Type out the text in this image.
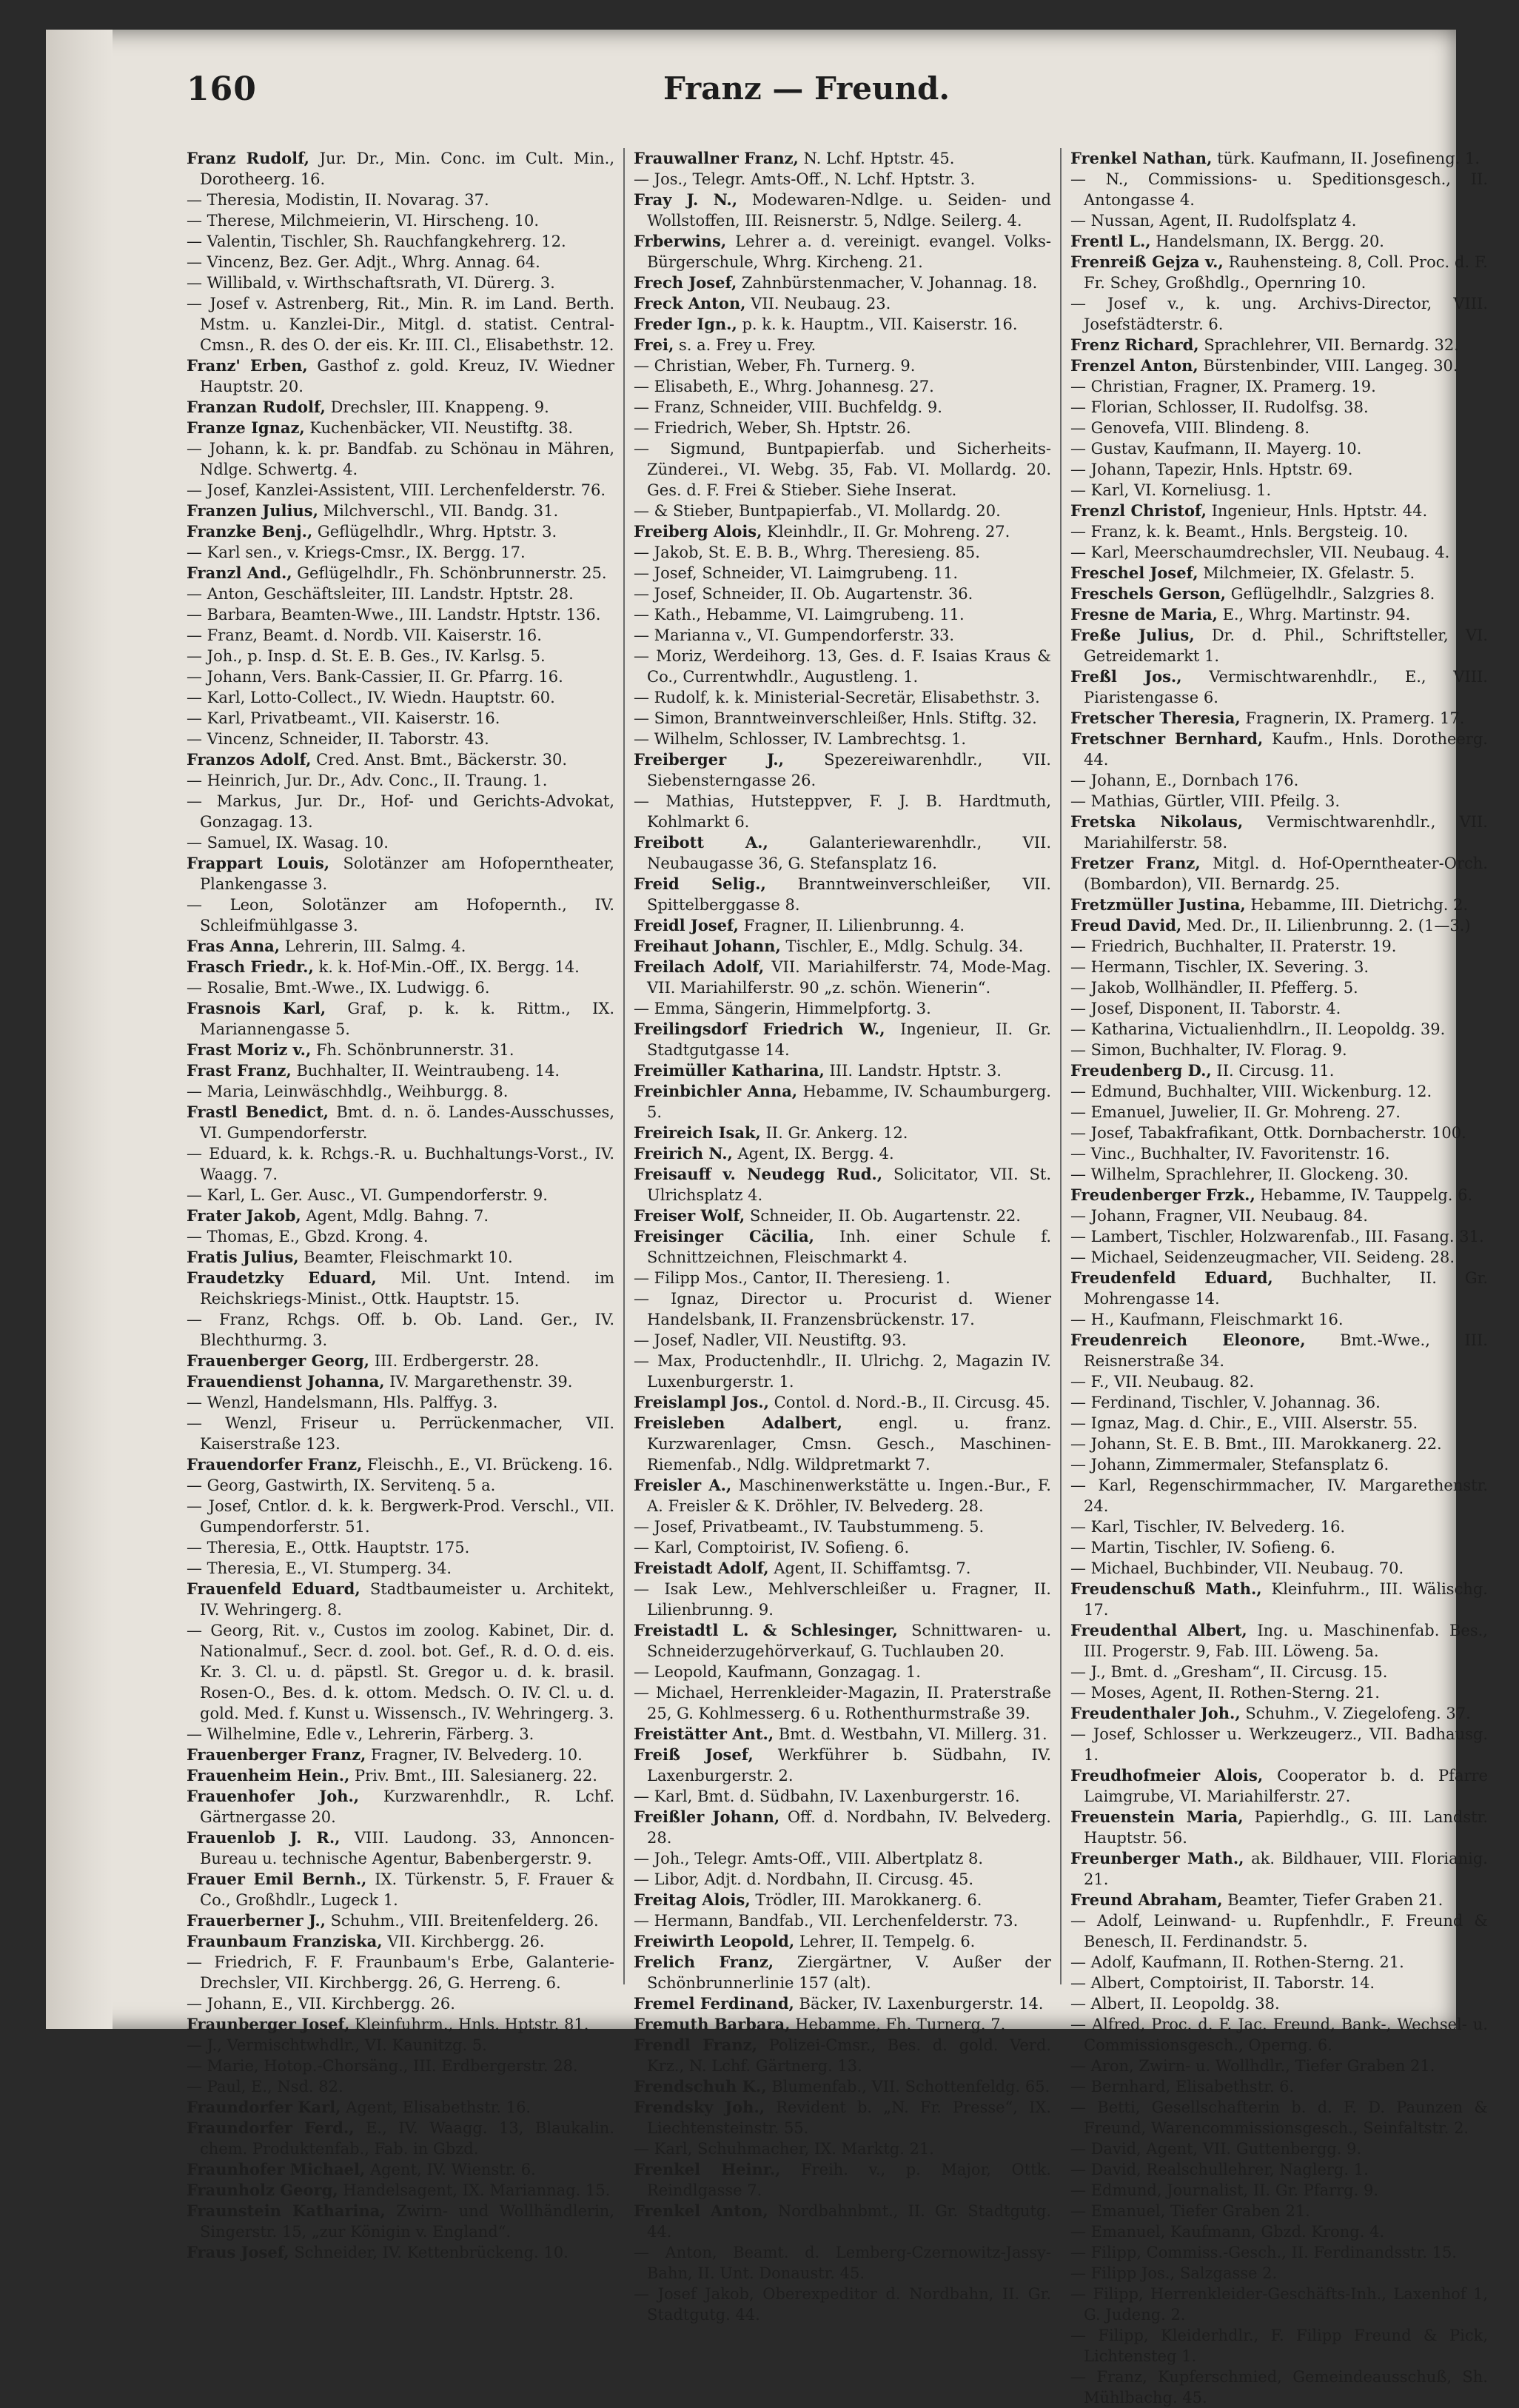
160	Franz — Freund.

Franz Rudolf, Jur. Dr., Min. Conc. im Cult. Min., Dorotheerg. 16.

— Theresia, Modistin, II. Novarag. 37.

— Therese, Milchmeierin, VI. Hirscheng. 10.

— Valentin, Tischler, Sh. Rauchfangkehrerg. 12.

— Vincenz, Bez. Ger. Adjt., Whrg. Annag. 64.

— Willibald, v. Wirthschaftsrath, VI. Dürerg. 3.

— Josef v. Astrenberg, Rit., Min. R. im Land. Berth. Mstm. u. Kanzlei-Dir., Mitgl. d. statist. Central-Cmsn., R. des O. der eis. Kr. III. Cl., Elisabethstr. 12.

Franz' Erben, Gasthof z. gold. Kreuz, IV. Wiedner Hauptstr. 20.

Franzan Rudolf, Drechsler, III. Knappeng. 9.

Franze Ignaz, Kuchenbäcker, VII. Neustiftg. 38.

— Johann, k. k. pr. Bandfab. zu Schönau in Mähren, Ndlge. Schwertg. 4.

— Josef, Kanzlei-Assistent, VIII. Lerchenfelderstr. 76.

Franzen Julius, Milchverschl., VII. Bandg. 31.

Franzke Benj., Geflügelhdlr., Whrg. Hptstr. 3.

— Karl sen., v. Kriegs-Cmsr., IX. Bergg. 17.

Franzl And., Geflügelhdlr., Fh. Schönbrunnerstr. 25.

— Anton, Geschäftsleiter, III. Landstr. Hptstr. 28.

— Barbara, Beamten-Wwe., III. Landstr. Hptstr. 136.

— Franz, Beamt. d. Nordb. VII. Kaiserstr. 16.

— Joh., p. Insp. d. St. E. B. Ges., IV. Karlsg. 5.

— Johann, Vers. Bank-Cassier, II. Gr. Pfarrg. 16.

— Karl, Lotto-Collect., IV. Wiedn. Hauptstr. 60.

— Karl, Privatbeamt., VII. Kaiserstr. 16.

— Vincenz, Schneider, II. Taborstr. 43.

Franzos Adolf, Cred. Anst. Bmt., Bäckerstr. 30.

— Heinrich, Jur. Dr., Adv. Conc., II. Traung. 1.

— Markus, Jur. Dr., Hof- und Gerichts-Advokat, Gonzagag. 13.

— Samuel, IX. Wasag. 10.

Frappart Louis, Solotänzer am Hofoperntheater, Plankengasse 3.

— Leon, Solotänzer am Hofopernth., IV. Schleifmühlgasse 3.

Fras Anna, Lehrerin, III. Salmg. 4.

Frasch Friedr., k. k. Hof-Min.-Off., IX. Bergg. 14.

— Rosalie, Bmt.-Wwe., IX. Ludwigg. 6.

Frasnois Karl, Graf, p. k. k. Rittm., IX. Mariannengasse 5.

Frast Moriz v., Fh. Schönbrunnerstr. 31.

Frast Franz, Buchhalter, II. Weintraubeng. 14.

— Maria, Leinwäschhdlg., Weihburgg. 8.

Frastl Benedict, Bmt. d. n. ö. Landes-Ausschusses, VI. Gumpendorferstr.

— Eduard, k. k. Rchgs.-R. u. Buchhaltungs-Vorst., IV. Waagg. 7.

— Karl, L. Ger. Ausc., VI. Gumpendorferstr. 9.

Frater Jakob, Agent, Mdlg. Bahng. 7.

— Thomas, E., Gbzd. Krong. 4.

Fratis Julius, Beamter, Fleischmarkt 10.

Fraudetzky Eduard, Mil. Unt. Intend. im Reichskriegs-Minist., Ottk. Hauptstr. 15.

— Franz, Rchgs. Off. b. Ob. Land. Ger., IV. Blechthurmg. 3.

Frauenberger Georg, III. Erdbergerstr. 28.

Frauendienst Johanna, IV. Margarethenstr. 39.

— Wenzl, Handelsmann, Hls. Palffyg. 3.

— Wenzl, Friseur u. Perrückenmacher, VII. Kaiserstraße 123.

Frauendorfer Franz, Fleischh., E., VI. Brückeng. 16.

— Georg, Gastwirth, IX. Servitenq. 5 a.

— Josef, Cntlor. d. k. k. Bergwerk-Prod. Verschl., VII. Gumpendorferstr. 51.

— Theresia, E., Ottk. Hauptstr. 175.

— Theresia, E., VI. Stumperg. 34.

Frauenfeld Eduard, Stadtbaumeister u. Architekt, IV. Wehringerg. 8.

— Georg, Rit. v., Custos im zoolog. Kabinet, Dir. d. Nationalmuf., Secr. d. zool. bot. Gef., R. d. O. d. eis. Kr. 3. Cl. u. d. päpstl. St. Gregor u. d. k. brasil. Rosen-O., Bes. d. k. ottom. Medsch. O. IV. Cl. u. d. gold. Med. f. Kunst u. Wissensch., IV. Wehringerg. 3.

— Wilhelmine, Edle v., Lehrerin, Färberg. 3.

Frauenberger Franz, Fragner, IV. Belvederg. 10.

Frauenheim Hein., Priv. Bmt., III. Salesianerg. 22.

Frauenhofer Joh., Kurzwarenhdlr., R. Lchf. Gärtnergasse 20.

Frauenlob J. R., VIII. Laudong. 33, Annoncen-Bureau u. technische Agentur, Babenbergerstr. 9.

Frauer Emil Bernh., IX. Türkenstr. 5, F. Frauer & Co., Großhdlr., Lugeck 1.

Frauerberner J., Schuhm., VIII. Breitenfelderg. 26.

Fraunbaum Franziska, VII. Kirchbergg. 26.

— Friedrich, F. F. Fraunbaum's Erbe, Galanterie-Drechsler, VII. Kirchbergg. 26, G. Herreng. 6.

— Johann, E., VII. Kirchbergg. 26.

Fraunberger Josef, Kleinfuhrm., Hnls. Hptstr. 81.

— J., Vermischtwhdlr., VI. Kaunitzg. 5.

— Marie, Hotop.-Chorsäng., III. Erdbergerstr. 28.

— Paul, E., Nsd. 82.

Fraundorfer Karl, Agent, Elisabethstr. 16.

Fraundorfer Ferd., E., IV. Waagg. 13, Blaukalin. chem. Produktenfab., Fab. in Gbzd.

Fraunhofer Michael, Agent, IV. Wienstr. 6.

Fraunholz Georg, Handelsagent, IX. Mariannag. 15.

Fraunstein Katharina, Zwirn- und Wollhändlerin, Singerstr. 15, „zur Königin v. England“.

Fraus Josef, Schneider, IV. Kettenbrückeng. 10.

Frauwallner Franz, N. Lchf. Hptstr. 45.

— Jos., Telegr. Amts-Off., N. Lchf. Hptstr. 3.

Fray J. N., Modewaren-Ndlge. u. Seiden- und Wollstoffen, III. Reisnerstr. 5, Ndlge. Seilerg. 4.

Frberwins, Lehrer a. d. vereinigt. evangel. Volks-Bürgerschule, Whrg. Kircheng. 21.

Frech Josef, Zahnbürstenmacher, V. Johannag. 18.

Freck Anton, VII. Neubaug. 23.

Freder Ign., p. k. k. Hauptm., VII. Kaiserstr. 16.

Frei, s. a. Frey u. Frey.

— Christian, Weber, Fh. Turnerg. 9.

— Elisabeth, E., Whrg. Johannesg. 27.

— Franz, Schneider, VIII. Buchfeldg. 9.

— Friedrich, Weber, Sh. Hptstr. 26.

— Sigmund, Buntpapierfab. und Sicherheits-Zünderei., VI. Webg. 35, Fab. VI. Mollardg. 20. Ges. d. F. Frei & Stieber. Siehe Inserat.

— & Stieber, Buntpapierfab., VI. Mollardg. 20.

Freiberg Alois, Kleinhdlr., II. Gr. Mohreng. 27.

— Jakob, St. E. B. B., Whrg. Theresieng. 85.

— Josef, Schneider, VI. Laimgrubeng. 11.

— Josef, Schneider, II. Ob. Augartenstr. 36.

— Kath., Hebamme, VI. Laimgrubeng. 11.

— Marianna v., VI. Gumpendorferstr. 33.

— Moriz, Werdeihorg. 13, Ges. d. F. Isaias Kraus & Co., Currentwhdlr., Augustleng. 1.

— Rudolf, k. k. Ministerial-Secretär, Elisabethstr. 3.

— Simon, Branntweinverschleißer, Hnls. Stiftg. 32.

— Wilhelm, Schlosser, IV. Lambrechtsg. 1.

Freiberger J.,	Spezereiwarenhdlr., VII. Siebensterngasse 26.

— Mathias, Hutsteppver, F. J. B. Hardtmuth, Kohlmarkt 6.

Freibott A.,	Galanteriewarenhdlr., VII. Neubaugasse 36, G. Stefansplatz 16.

Freid Selig., Branntweinverschleißer, VII. Spittelberggasse 8.

Freidl Josef, Fragner, II. Lilienbrunng. 4.

Freihaut Johann, Tischler, E., Mdlg. Schulg. 34.

Freilach Adolf, VII. Mariahilferstr. 74, Mode-Mag. VII. Mariahilferstr. 90 „z. schön. Wienerin“.

— Emma, Sängerin, Himmelpfortg. 3.

Freilingsdorf Friedrich W., Ingenieur, II. Gr. Stadtgutgasse 14.

Freimüller Katharina, III. Landstr. Hptstr. 3.

Freinbichler Anna, Hebamme, IV. Schaumburgerg. 5.

Freireich Isak, II. Gr. Ankerg. 12.

Freirich N., Agent, IX. Bergg. 4.

Freisauff v. Neudegg Rud., Solicitator, VII. St. Ulrichsplatz 4.

Freiser Wolf, Schneider, II. Ob. Augartenstr. 22.

Freisinger Cäcilia, Inh. einer Schule f. Schnittzeichnen, Fleischmarkt 4.

— Filipp Mos., Cantor, II. Theresieng. 1.

— Ignaz, Director u. Procurist d. Wiener Handelsbank, II. Franzensbrückenstr. 17.

— Josef, Nadler, VII. Neustiftg. 93.

— Max, Productenhdlr., II. Ulrichg. 2, Magazin IV. Luxenburgerstr. 1.

Freislampl Jos., Contol. d. Nord.-B., II. Circusg. 45.

Freisleben Adalbert, engl. u. franz. Kurzwarenlager, Cmsn. Gesch., Maschinen-Riemenfab., Ndlg. Wildpretmarkt 7.

Freisler A., Maschinenwerkstätte u. Ingen.-Bur., F. A. Freisler & K. Dröhler, IV. Belvederg. 28.

— Josef, Privatbeamt., IV. Taubstummeng. 5.

— Karl, Comptoirist, IV. Sofieng. 6.

Freistadt Adolf, Agent, II. Schiffamtsg. 7.

— Isak Lew., Mehlverschleißer u. Fragner, II. Lilienbrunng. 9.

Freistadtl L. & Schlesinger, Schnittwaren- u. Schneiderzugehörverkauf, G. Tuchlauben 20.

— Leopold, Kaufmann, Gonzagag. 1.

— Michael, Herrenkleider-Magazin, II. Praterstraße 25, G. Kohlmesserg. 6 u. Rothenthurmstraße 39.

Freistätter Ant., Bmt. d. Westbahn, VI. Millerg. 31.

Freiß Josef, Werkführer b. Südbahn, IV. Laxenburgerstr. 2.

— Karl, Bmt. d. Südbahn, IV. Laxenburgerstr. 16.

Freißler Johann, Off. d. Nordbahn, IV. Belvederg. 28.

— Joh., Telegr. Amts-Off., VIII. Albertplatz 8.

— Libor, Adjt. d. Nordbahn, II. Circusg. 45.

Freitag Alois, Trödler, III. Marokkanerg. 6.

— Hermann, Bandfab., VII. Lerchenfelderstr. 73.

Freiwirth Leopold, Lehrer, II. Tempelg. 6.

Frelich Franz, Ziergärtner, V. Außer der Schönbrunnerlinie 157 (alt).

Fremel Ferdinand, Bäcker, IV. Laxenburgerstr. 14.

Fremuth Barbara, Hebamme, Fh. Turnerg. 7.

Frendl Franz, Polizei-Cmsr., Bes. d. gold. Verd. Krz., N. Lchf. Gärtnerg. 13.

Frendschuh K., Blumenfab., VII. Schottenfeldg. 65.

Frendsky Joh., Revident b. „N. Fr. Presse“, IX. Liechtensteinstr. 55.

— Karl, Schuhmacher, IX. Marktg. 21.

Frenkel Heinr., Freih. v., p. Major, Ottk. Reindlgasse 7.

Frenkel Anton, Nordbahnbmt., II. Gr. Stadtgutg. 44.

— Anton, Beamt. d. Lemberg-Czernowitz-Jassy-Bahn, II. Unt. Donaustr. 45.

— Josef Jakob, Oberexpeditor d. Nordbahn, II. Gr. Stadtgutg. 44.

Frenkel Nathan, türk. Kaufmann, II. Josefineng. 1.

— N., Commissions- u. Speditionsgesch., II. Antongasse 4.

— Nussan, Agent, II. Rudolfsplatz 4.

Frentl L., Handelsmann, IX. Bergg. 20.

Frenreiß Gejza v., Rauhensteing. 8, Coll. Proc. d. F. Fr. Schey, Großhdlg., Opernring 10.

— Josef v., k. ung. Archivs-Director, VIII. Josefstädterstr. 6.

Frenz Richard, Sprachlehrer, VII. Bernardg. 32.

Frenzel Anton, Bürstenbinder, VIII. Langeg. 30.

— Christian, Fragner, IX. Pramerg. 19.

— Florian, Schlosser, II. Rudolfsg. 38.

— Genovefa, VIII. Blindeng. 8.

— Gustav, Kaufmann, II. Mayerg. 10.

— Johann, Tapezir, Hnls. Hptstr. 69.

— Karl, VI. Korneliusg. 1.

Frenzl Christof, Ingenieur, Hnls. Hptstr. 44.

— Franz, k. k. Beamt., Hnls. Bergsteig. 10.

— Karl, Meerschaumdrechsler, VII. Neubaug. 4.

Freschel Josef, Milchmeier, IX. Gfelastr. 5.

Freschels Gerson, Geflügelhdlr., Salzgries 8.

Fresne de Maria, E., Whrg. Martinstr. 94.

Freße Julius, Dr. d. Phil., Schriftsteller, VI. Getreidemarkt 1.

Freßl Jos., Vermischtwarenhdlr., E., VIII. Piaristengasse 6.

Fretscher Theresia, Fragnerin, IX. Pramerg. 17.

Fretschner Bernhard, Kaufm., Hnls. Dorotheerg. 44.

— Johann, E., Dornbach 176.

— Mathias, Gürtler, VIII. Pfeilg. 3.

Fretska Nikolaus, Vermischtwarenhdlr., VII. Mariahilferstr. 58.

Fretzer Franz, Mitgl. d. Hof-Operntheater-Orch. (Bombardon), VII. Bernardg. 25.

Fretzmüller Justina, Hebamme, III. Dietrichg. 2.

Freud David, Med. Dr., II. Lilienbrunng. 2. (1—3.)

— Friedrich, Buchhalter, II. Praterstr. 19.

— Hermann, Tischler, IX. Severing. 3.

— Jakob, Wollhändler, II. Pfefferg. 5.

— Josef, Disponent, II. Taborstr. 4.

— Katharina, Victualienhdlrn., II. Leopoldg. 39.

— Simon, Buchhalter, IV. Florag. 9.

Freudenberg D., II. Circusg. 11.

— Edmund, Buchhalter, VIII. Wickenburg. 12.

— Emanuel, Juwelier, II. Gr. Mohreng. 27.

— Josef, Tabakfrafikant, Ottk. Dornbacherstr. 100.

— Vinc., Buchhalter, IV. Favoritenstr. 16.

— Wilhelm, Sprachlehrer, II. Glockeng. 30.

Freudenberger Frzk., Hebamme, IV. Tauppelg. 6.

— Johann, Fragner, VII. Neubaug. 84.

— Lambert, Tischler, Holzwarenfab., III. Fasang. 31.

— Michael, Seidenzeugmacher, VII. Seideng. 28.

Freudenfeld Eduard, Buchhalter, II. Gr. Mohrengasse 14.

— H., Kaufmann, Fleischmarkt 16.

Freudenreich Eleonore, Bmt.-Wwe., III. Reisnerstraße 34.

— F., VII. Neubaug. 82.

— Ferdinand, Tischler, V. Johannag. 36.

— Ignaz, Mag. d. Chir., E., VIII. Alserstr. 55.

— Johann, St. E. B. Bmt., III. Marokkanerg. 22.

— Johann, Zimmermaler, Stefansplatz 6.

— Karl, Regenschirmmacher, IV. Margarethenstr. 24.

— Karl, Tischler, IV. Belvederg. 16.

— Martin, Tischler, IV. Sofieng. 6.

— Michael, Buchbinder, VII. Neubaug. 70.

Freudenschuß Math., Kleinfuhrm., III. Wälischg. 17.

Freudenthal Albert, Ing. u. Maschinenfab. Bes., III. Progerstr. 9, Fab. III. Löweng. 5a.

— J., Bmt. d. „Gresham“, II. Circusg. 15.

— Moses, Agent, II. Rothen-Sterng. 21.

Freudenthaler Joh., Schuhm., V. Ziegelofeng. 37.

— Josef, Schlosser u. Werkzeugerz., VII. Badhausg. 1.

Freudhofmeier Alois, Cooperator b. d. Pfarre Laimgrube, VI. Mariahilferstr. 27.

Freuenstein Maria, Papierhdlg., G. III. Landstr. Hauptstr. 56.

Freunberger Math., ak. Bildhauer, VIII. Florianig. 21.

Freund Abraham, Beamter, Tiefer Graben 21.

— Adolf, Leinwand- u. Rupfenhdlr., F. Freund & Benesch, II. Ferdinandstr. 5.

— Adolf, Kaufmann, II. Rothen-Sterng. 21.

— Albert, Comptoirist, II. Taborstr. 14.

— Albert, II. Leopoldg. 38.

— Alfred, Proc. d. F. Jac. Freund, Bank-, Wechsel- u. Commissionsgesch., Operng. 6.

— Aron, Zwirn- u. Wollhdlr., Tiefer Graben 21.

— Bernhard, Elisabethstr. 6.

— Betti, Gesellschafterin b. d. F. D. Paunzen & Freund, Warencommissionsgesch., Seinfaltstr. 2.

— David, Agent, VII. Guttenbergg. 9.

— David, Realschullehrer, Naglerg. 1.

— Edmund, Journalist, II. Gr. Pfarrg. 9.

— Emanuel, Tiefer Graben 21.

— Emanuel, Kaufmann, Gbzd. Krong. 4.

— Filipp, Commiss.-Gesch., II. Ferdinandsstr. 15.

— Filipp Jos., Salzgasse 2.

— Filipp, Herrenkleider-Geschäfts-Inh., Laxenhof 1, G. Judeng. 2.

— Filipp, Kleiderhdlr., F. Filipp Freund & Pick, Lichtensteg 1.

— Franz, Kupferschmied, Gemeindeausschuß, Sh. Mühlbachg. 45.
